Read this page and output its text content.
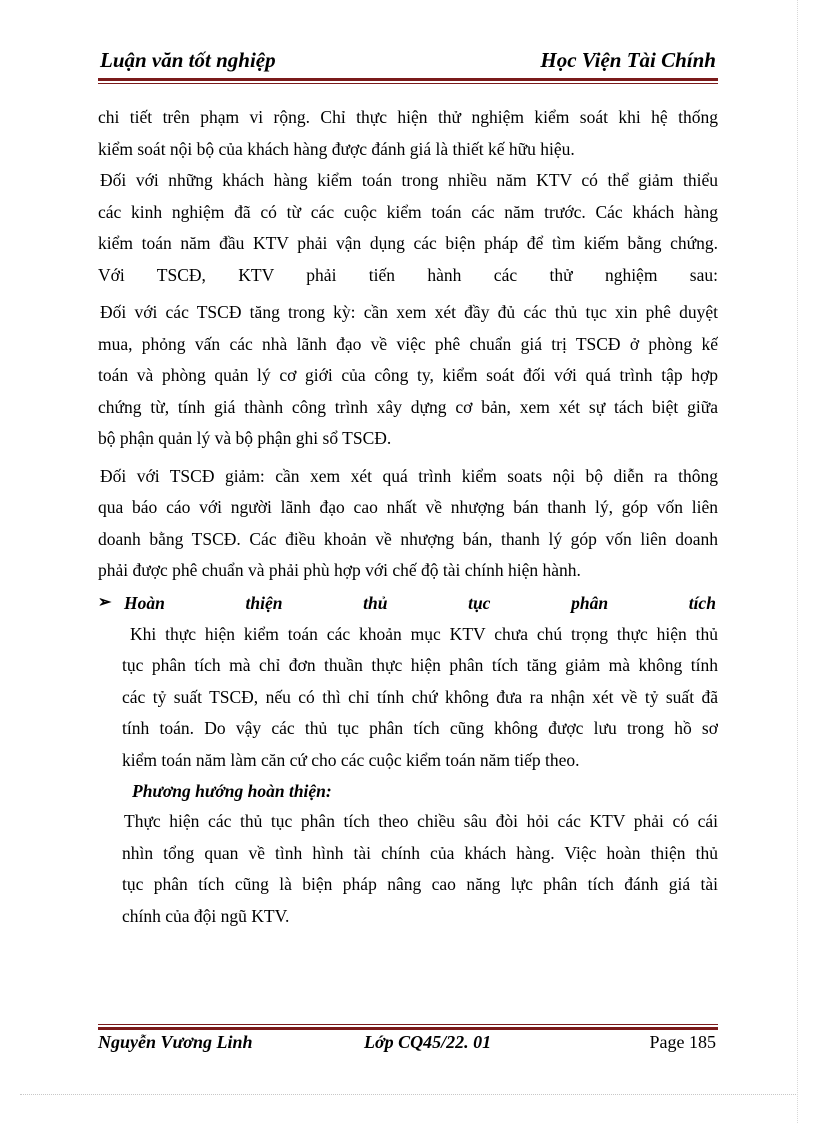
Luận văn tốt nghiệp	Học Viện Tài Chính
chi tiết trên phạm vi rộng. Chỉ thực hiện thử nghiệm kiểm soát khi hệ thống
kiểm soát nội bộ của khách hàng được đánh giá là thiết kế hữu hiệu.
Đối với những khách hàng kiểm toán trong nhiều năm KTV có thể giảm thiểu
các kinh nghiệm đã có từ các cuộc kiểm toán các năm trước. Các khách hàng
kiểm toán năm đầu KTV phải vận dụng các biện pháp để tìm kiếm bằng chứng.
Với TSCĐ, KTV phải tiến hành các thử nghiệm sau:
Đối với các TSCĐ tăng trong kỳ: cần xem xét đầy đủ các thủ tục xin phê duyệt
mua, phỏng vấn các nhà lãnh đạo về việc phê chuẩn giá trị TSCĐ ở phòng kế
toán và phòng quản lý cơ giới của công ty, kiểm soát đối với quá trình tập hợp
chứng từ, tính giá thành công trình xây dựng cơ bản, xem xét sự tách biệt giữa
bộ phận quản lý và bộ phận ghi sổ TSCĐ.
Đối với TSCĐ giảm: cần xem xét quá trình kiểm soats nội bộ diễn ra thông
qua báo cáo với người lãnh đạo cao nhất về nhượng bán thanh lý, góp vốn liên
doanh bằng TSCĐ. Các điều khoản về nhượng bán, thanh lý góp vốn liên doanh
phải được phê chuẩn và phải phù hợp với chế độ tài chính hiện hành.
➢ Hoàn	thiện	thủ	tục	phân	tích
Khi thực hiện kiểm toán các khoản mục KTV chưa chú trọng thực hiện thủ
tục phân tích mà chỉ đơn thuần thực hiện phân tích tăng giảm mà không tính
các tỷ suất TSCĐ, nếu có thì chỉ tính chứ không đưa ra nhận xét về tỷ suất đã
tính toán. Do vậy các thủ tục phân tích cũng không được lưu trong hồ sơ
kiểm toán năm làm căn cứ cho các cuộc kiểm toán năm tiếp theo.
Phương hướng hoàn thiện:
Thực hiện các thủ tục phân tích theo chiều sâu đòi hỏi các KTV phải có cái
nhìn tổng quan về tình hình tài chính của khách hàng. Việc hoàn thiện thủ
tục phân tích cũng là biện pháp nâng cao năng lực phân tích đánh giá tài
chính của đội ngũ KTV.
Nguyễn Vương Linh	Lớp CQ45/22. 01	Page 185
